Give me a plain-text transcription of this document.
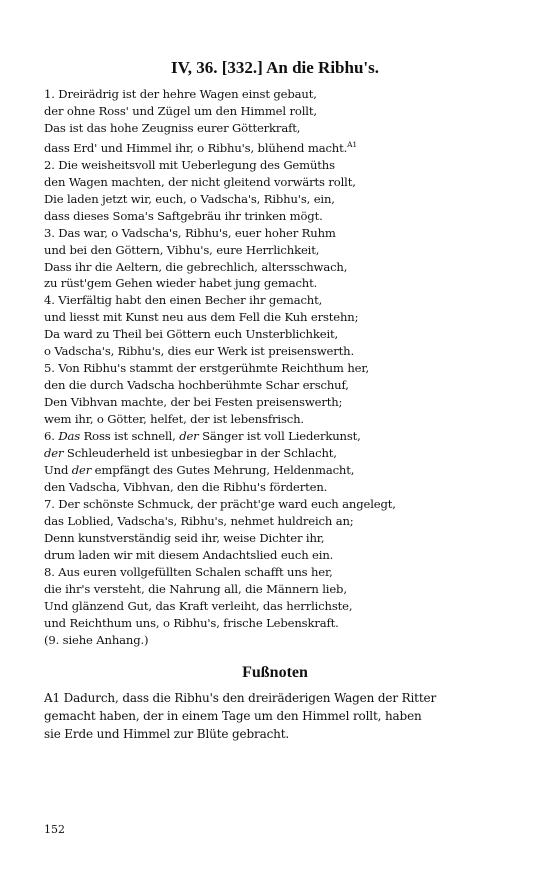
IV, 36. [332.] An die Ribhu's.
1. Dreirädrig ist der hehre Wagen einst gebaut,
der ohne Ross' und Zügel um den Himmel rollt,
Das ist das hohe Zeugniss eurer Götterkraft,
dass Erd' und Himmel ihr, o Ribhu's, blühend macht.$^{A1}$
2. Die weisheitsvoll mit Ueberlegung des Gemüths
den Wagen machten, der nicht gleitend vorwärts rollt,
Die laden jetzt wir, euch, o Vadscha's, Ribhu's, ein,
dass dieses Soma's Saftgebräu ihr trinken mögt.
3. Das war, o Vadscha's, Ribhu's, euer hoher Ruhm
und bei den Göttern, Vibhu's, eure Herrlichkeit,
Dass ihr die Aeltern, die gebrechlich, altersschwach,
zu rüst'gem Gehen wieder habet jung gemacht.
4. Vierfältig habt den einen Becher ihr gemacht,
und liesst mit Kunst neu aus dem Fell die Kuh erstehn;
Da ward zu Theil bei Göttern euch Unsterblichkeit,
o Vadscha's, Ribhu's, dies eur Werk ist preisenswerth.
5. Von Ribhu's stammt der erstgerühmte Reichthum her,
den die durch Vadscha hochberühmte Schar erschuf,
Den Vibhvan machte, der bei Festen preisenswerth;
wem ihr, o Götter, helfet, der ist lebensfrisch.
6. Das Ross ist schnell, der Sänger ist voll Liederkunst,
der Schleuderheld ist unbesiegbar in der Schlacht,
Und der empfängt des Gutes Mehrung, Heldenmacht,
den Vadscha, Vibhvan, den die Ribhu's förderten.
7. Der schönste Schmuck, der prächt'ge ward euch angelegt,
das Loblied, Vadscha's, Ribhu's, nehmet huldreich an;
Denn kunstverständig seid ihr, weise Dichter ihr,
drum laden wir mit diesem Andachtslied euch ein.
8. Aus euren vollgefüllten Schalen schafft uns her,
die ihr's versteht, die Nahrung all, die Männern lieb,
Und glänzend Gut, das Kraft verleiht, das herrlichste,
und Reichthum uns, o Ribhu's, frische Lebenskraft.
(9. siehe Anhang.)
Fußnoten
A1 Dadurch, dass die Ribhu's den dreiräderigen Wagen der Ritter
gemacht haben, der in einem Tage um den Himmel rollt, haben
sie Erde und Himmel zur Blüte gebracht.
152
